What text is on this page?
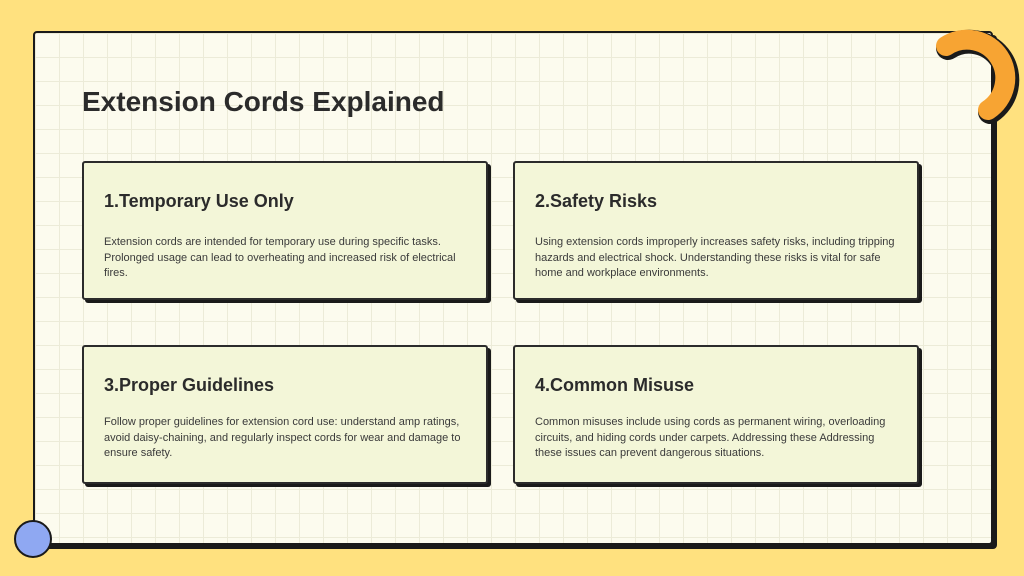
Extension Cords Explained
1.Temporary Use Only
Extension cords are intended for temporary use during specific tasks. Prolonged usage can lead to overheating and increased risk of electrical fires.
2.Safety Risks
Using extension cords improperly increases safety risks, including tripping hazards and electrical shock. Understanding these risks is vital for safe home and workplace environments.
3.Proper Guidelines
Follow proper guidelines for extension cord use: understand amp ratings, avoid daisy-chaining, and regularly inspect cords for wear and damage to ensure safety.
4.Common Misuse
Common misuses include using cords as permanent wiring, overloading circuits, and hiding cords under carpets. Addressing these Addressing these issues can prevent dangerous situations.
